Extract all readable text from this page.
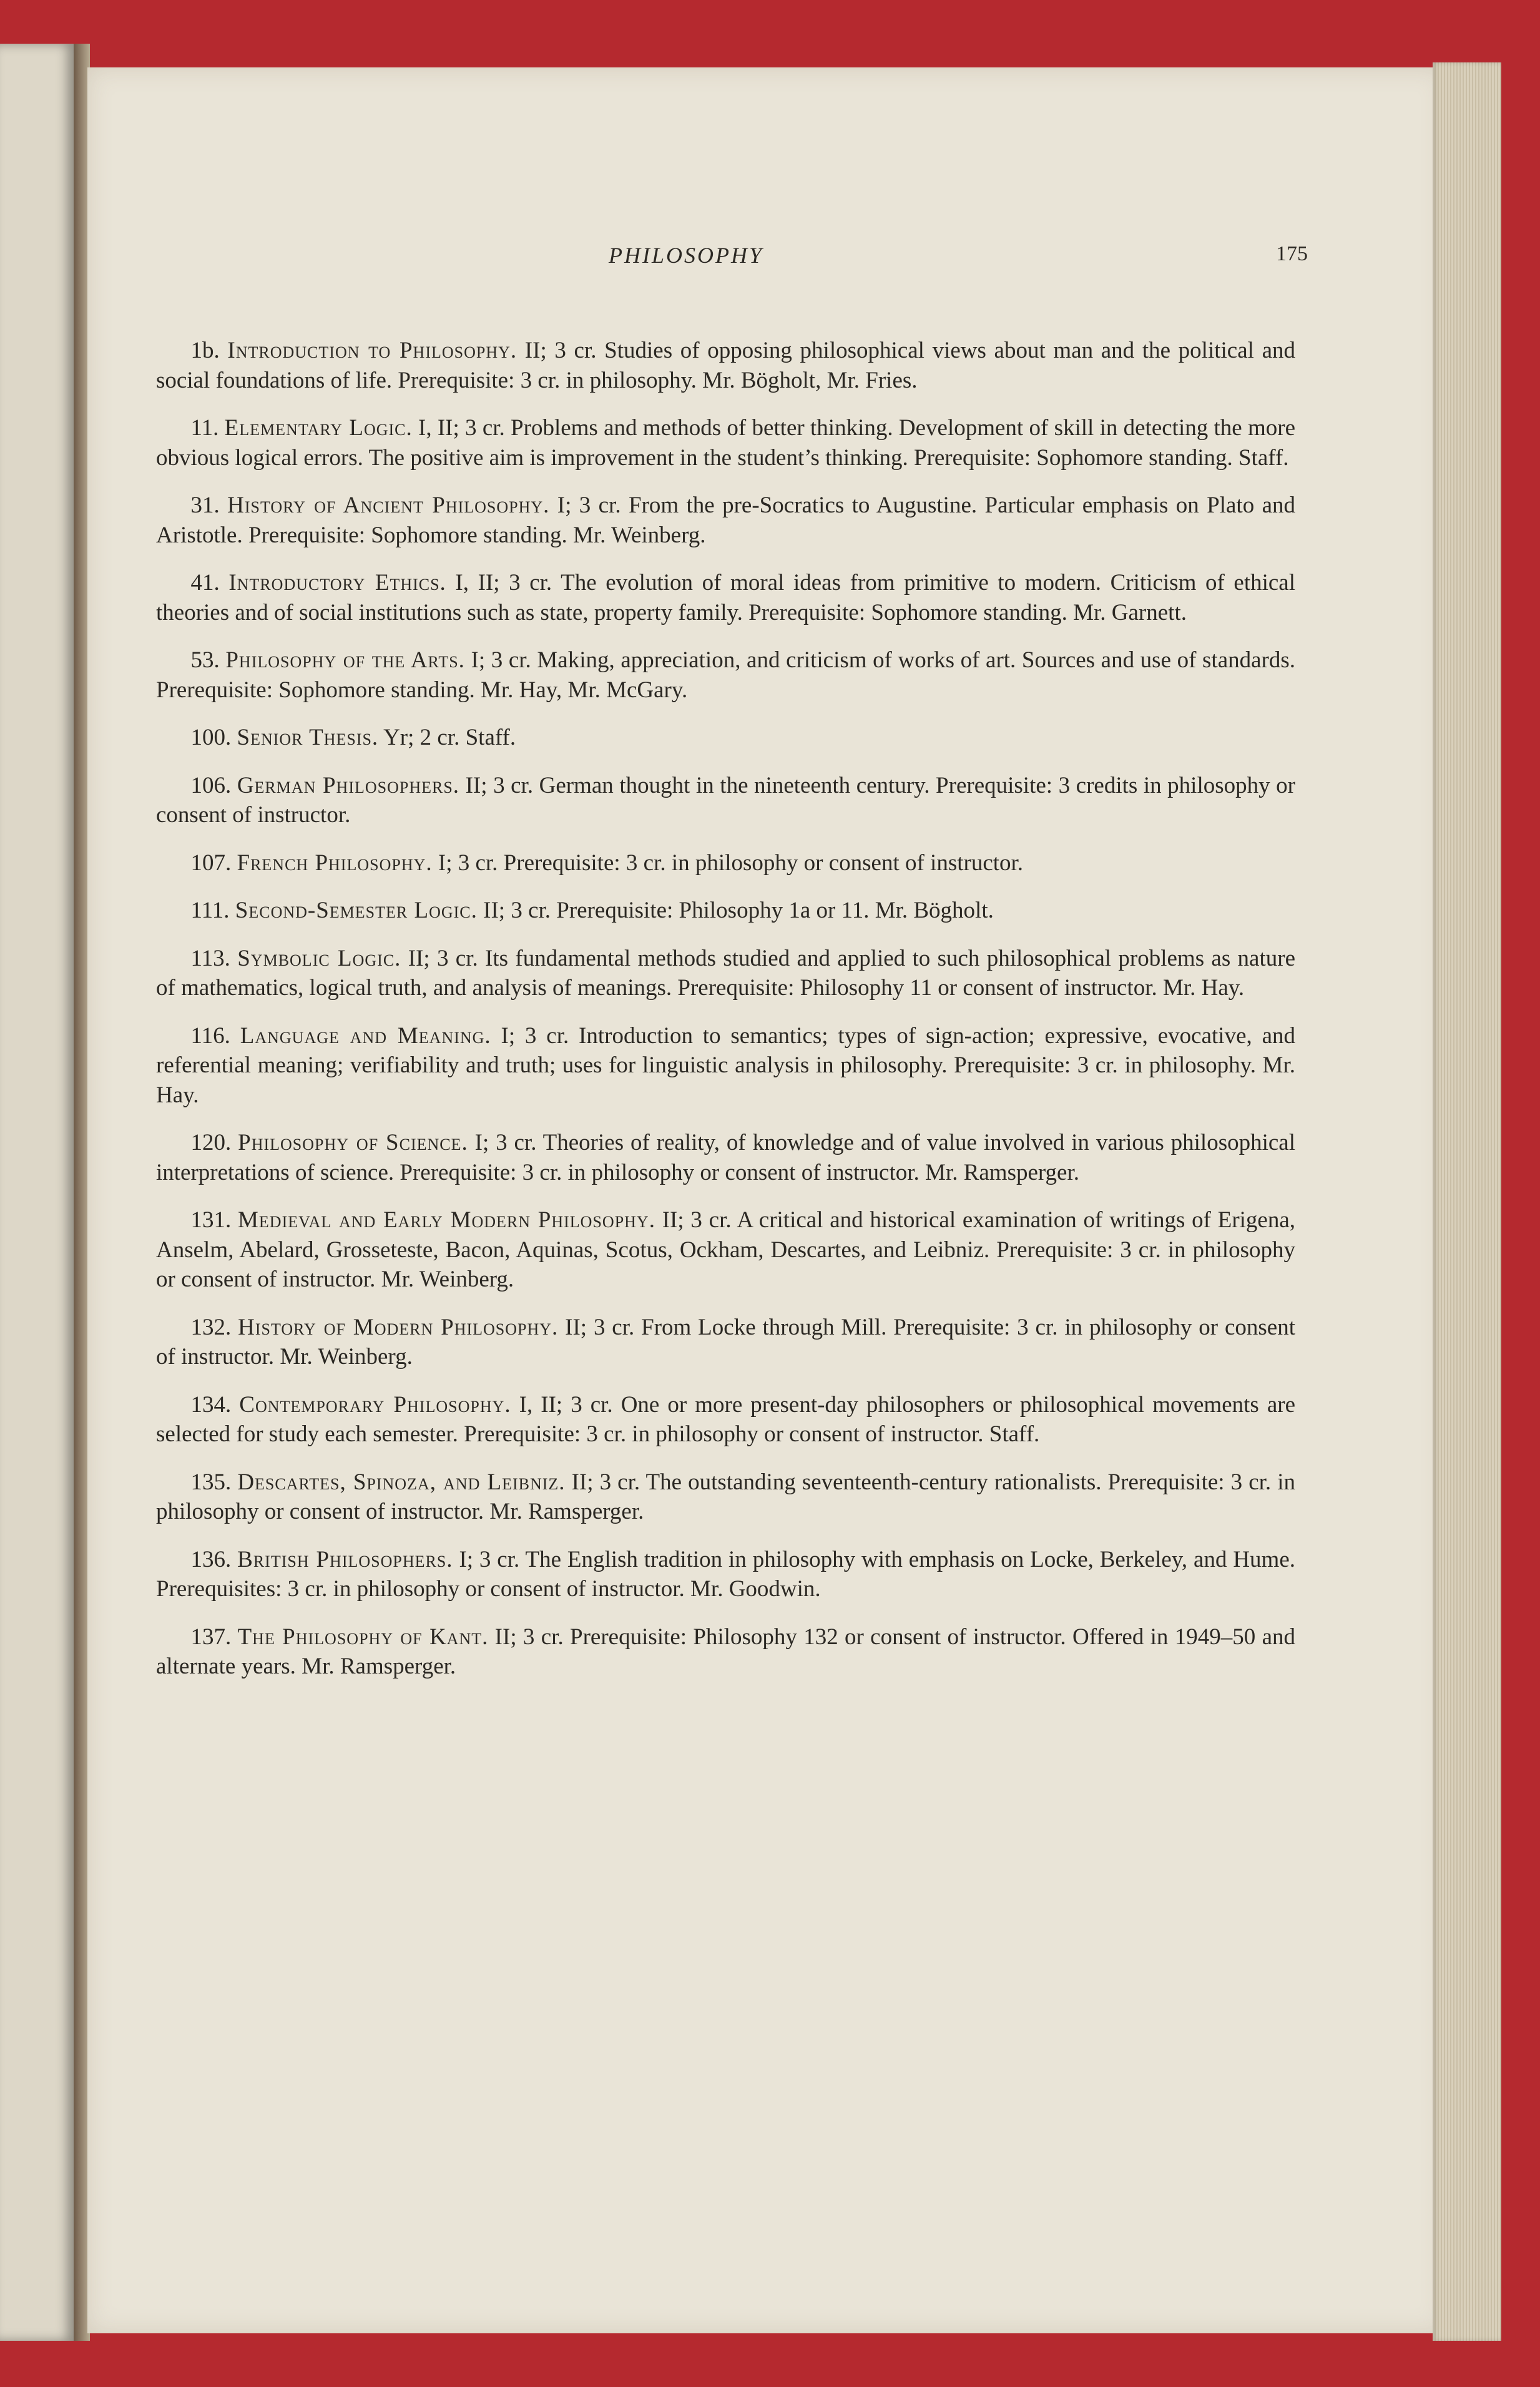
PHILOSOPHY	175

1b. Introduction to Philosophy. II; 3 cr. Studies of opposing philosophical views about man and the political and social foundations of life. Prerequisite: 3 cr. in philosophy. Mr. Bögholt, Mr. Fries.

11. Elementary Logic. I, II; 3 cr. Problems and methods of better thinking. Development of skill in detecting the more obvious logical errors. The positive aim is improvement in the student’s thinking. Prerequisite: Sophomore standing. Staff.

31. History of Ancient Philosophy. I; 3 cr. From the pre-Socratics to Augustine. Particular emphasis on Plato and Aristotle. Prerequisite: Sophomore standing. Mr. Weinberg.

41. Introductory Ethics. I, II; 3 cr. The evolution of moral ideas from primitive to modern. Criticism of ethical theories and of social institutions such as state, property family. Prerequisite: Sophomore standing. Mr. Garnett.

53. Philosophy of the Arts. I; 3 cr. Making, appreciation, and criticism of works of art. Sources and use of standards. Prerequisite: Sophomore standing. Mr. Hay, Mr. McGary.

100. Senior Thesis. Yr; 2 cr. Staff.

106. German Philosophers. II; 3 cr. German thought in the nineteenth century. Prerequisite: 3 credits in philosophy or consent of instructor.

107. French Philosophy. I; 3 cr. Prerequisite: 3 cr. in philosophy or consent of instructor.

111. Second-Semester Logic. II; 3 cr. Prerequisite: Philosophy 1a or 11. Mr. Bögholt.

113. Symbolic Logic. II; 3 cr. Its fundamental methods studied and applied to such philosophical problems as nature of mathematics, logical truth, and analysis of meanings. Prerequisite: Philosophy 11 or consent of instructor. Mr. Hay.

116. Language and Meaning. I; 3 cr. Introduction to semantics; types of sign-action; expressive, evocative, and referential meaning; verifiability and truth; uses for linguistic analysis in philosophy. Prerequisite: 3 cr. in philosophy. Mr. Hay.

120. Philosophy of Science. I; 3 cr. Theories of reality, of knowledge and of value involved in various philosophical interpretations of science. Prerequisite: 3 cr. in philosophy or consent of instructor. Mr. Ramsperger.

131. Medieval and Early Modern Philosophy. II; 3 cr. A critical and historical examination of writings of Erigena, Anselm, Abelard, Grosseteste, Bacon, Aquinas, Scotus, Ockham, Descartes, and Leibniz. Prerequisite: 3 cr. in philosophy or consent of instructor. Mr. Weinberg.

132. History of Modern Philosophy. II; 3 cr. From Locke through Mill. Prerequisite: 3 cr. in philosophy or consent of instructor. Mr. Weinberg.

134. Contemporary Philosophy. I, II; 3 cr. One or more present-day philosophers or philosophical movements are selected for study each semester. Prerequisite: 3 cr. in philosophy or consent of instructor. Staff.

135. Descartes, Spinoza, and Leibniz. II; 3 cr. The outstanding seventeenth-century rationalists. Prerequisite: 3 cr. in philosophy or consent of instructor. Mr. Ramsperger.

136. British Philosophers. I; 3 cr. The English tradition in philosophy with emphasis on Locke, Berkeley, and Hume. Prerequisites: 3 cr. in philosophy or consent of instructor. Mr. Goodwin.

137. The Philosophy of Kant. II; 3 cr. Prerequisite: Philosophy 132 or consent of instructor. Offered in 1949–50 and alternate years. Mr. Ramsperger.
